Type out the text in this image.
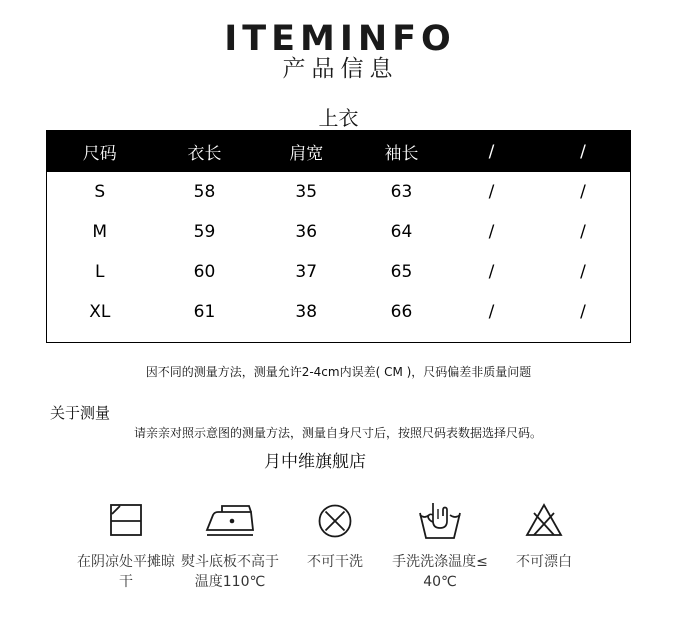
ITEMINFO
产品信息
上衣
尺码	衣长	肩宽	袖长	/	/
S	58	35	63	/	/
M	59	36	64	/	/
L	60	37	65	/	/
XL	61	38	66	/	/
因不同的测量方法，测量允许2-4cm内误差( CM )，尺码偏差非质量问题
关于测量
请亲亲对照示意图的测量方法，测量自身尺寸后，按照尺码表数据选择尺码。
月中维旗舰店
在阴凉处平摊晾
干
熨斗底板不高于
温度110℃
不可干洗	手洗洗涤温度≤
40℃
不可漂白
